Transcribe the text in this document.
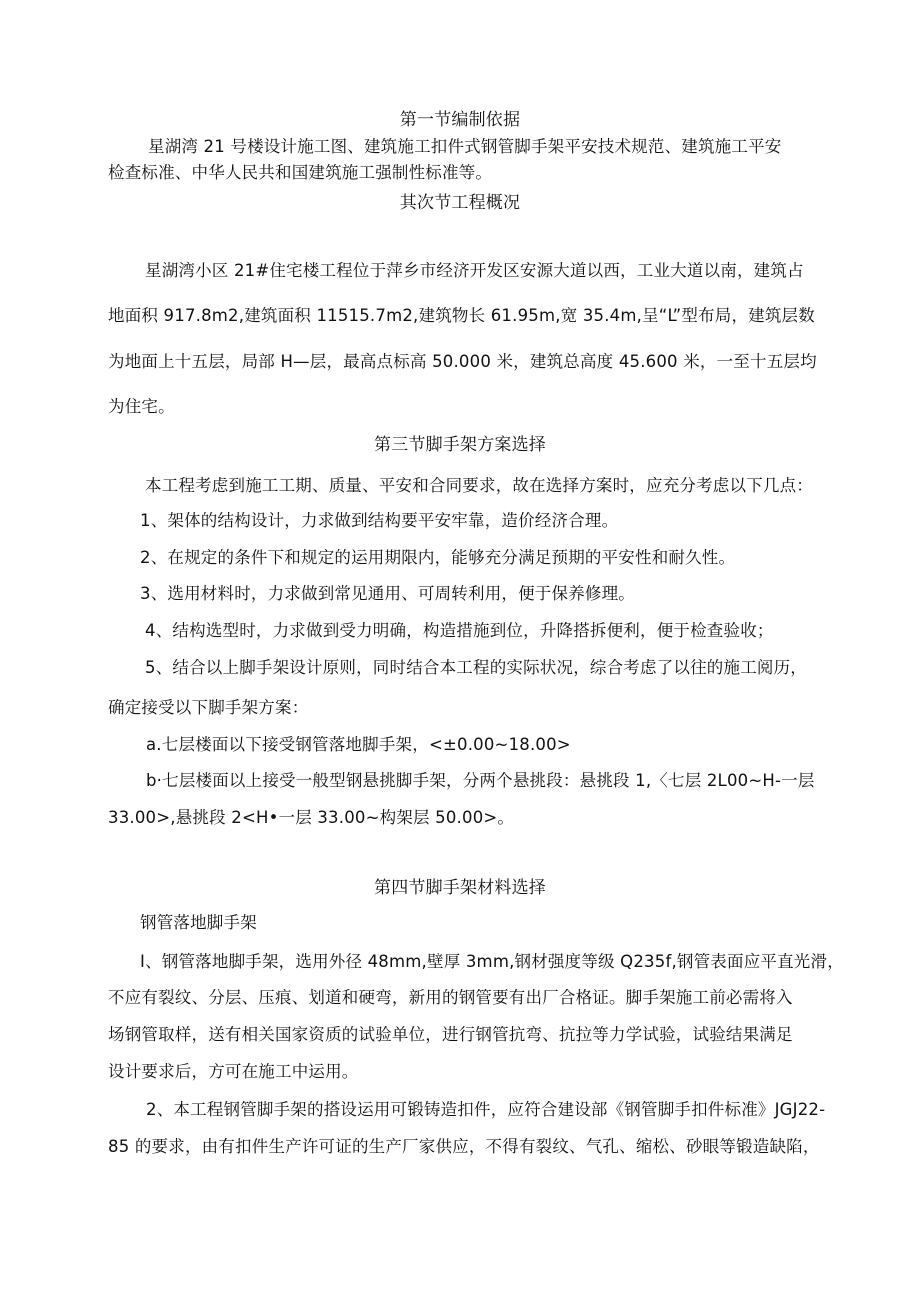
第一节编制依据
星湖湾 21 号楼设计施工图、建筑施工扣件式钢管脚手架平安技术规范、建筑施工平安
检查标准、中华人民共和国建筑施工强制性标准等。
其次节工程概况
星湖湾小区 21#住宅楼工程位于萍乡市经济开发区安源大道以西，工业大道以南，建筑占
地面积 917.8m2,建筑面积 11515.7m2,建筑物长 61.95m,宽 35.4m,呈“L”型布局，建筑层数
为地面上十五层，局部 H—层，最高点标高 50.000 米，建筑总高度 45.600 米，一至十五层均
为住宅。
第三节脚手架方案选择
本工程考虑到施工工期、质量、平安和合同要求，故在选择方案时，应充分考虑以下几点：
1、架体的结构设计，力求做到结构要平安牢靠，造价经济合理。
2、在规定的条件下和规定的运用期限内，能够充分满足预期的平安性和耐久性。
3、选用材料时，力求做到常见通用、可周转利用，便于保养修理。
4、结构选型时，力求做到受力明确，构造措施到位，升降搭拆便利，便于检查验收；
5、结合以上脚手架设计原则，同时结合本工程的实际状况，综合考虑了以往的施工阅历，
确定接受以下脚手架方案：
a.七层楼面以下接受钢管落地脚手架，<±0.00~18.00>
b·七层楼面以上接受一般型钢悬挑脚手架，分两个悬挑段：悬挑段 1,〈七层 2L00~H-一层
33.00>,悬挑段 2<H•一层 33.00~构架层 50.00>。
第四节脚手架材料选择
钢管落地脚手架
I、钢管落地脚手架，选用外径 48mm,壁厚 3mm,钢材强度等级 Q235f,钢管表面应平直光滑，
不应有裂纹、分层、压痕、划道和硬弯，新用的钢管要有出厂合格证。脚手架施工前必需将入
场钢管取样，送有相关国家资质的试验单位，进行钢管抗弯、抗拉等力学试验，试验结果满足
设计要求后，方可在施工中运用。
2、本工程钢管脚手架的搭设运用可锻铸造扣件，应符合建设部《钢管脚手扣件标准》JGJ22-
85 的要求，由有扣件生产许可证的生产厂家供应，不得有裂纹、气孔、缩松、砂眼等锻造缺陷，
